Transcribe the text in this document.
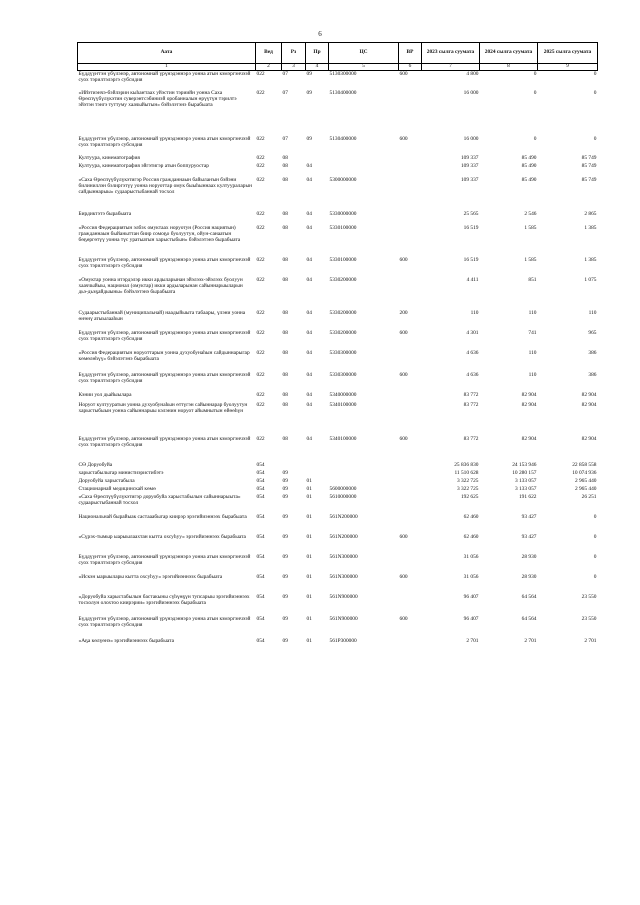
6
Аата	Вед	Рз	Пр	ЦС	ВР	2023 сылга суумата	2024 сылга суумата	2025 сылга суумата
1	2	3	4	5	6	7	8	9
Бүддүүҥтэн үбүлэнэр, автономнай үрүнэдэннэрэ уонна атын кэмэргэнчээй суох тэрилтэлэргэ субсидия	022	07	09	5130300000	600	4 800	0	0
«Ийэтиэнчэ-бэйлэрин кыһаҥтаах уйэстин тэриийн уонна Саха Өрөспүүбүлүкэтин суверэнтсэбиниэй оробанналын өрүүтүн тэрилтэ эйэтэн тэнгэ туттуму хаачыйытын» бэйэлэтэнэ бырабыата	022	07	09	5130400000		16 000	0	0
Бүддүүҥтэн үбүлэнэр, автономнай үрүнэдэннэрэ уонна атын кэмэргэнчээй суох тэрилтэлэргэ субсидия	022	07	09	5130400000	600	16 000	0	0
Култуура, кинематография	022	08				109 337	85 490	85 749
Култуура, кинематография эйгэтигэр атын боппуруостар	022	08	04			109 337	85 490	85 749
«Саха Өрөспүүбүлүкэтигэр Россия гражданнаын байылаҥын бэйэни билиниллэн бэлиргэтүү уонна норуоттар омук быыһыннаах култуураларын сайдыннарыы» судаарыстыбаннай тосхол	022	08	04	5300000000		109 337	85 490	85 749
Бирдиктэтэ бырабыата	022	08	04	5330000000		25 565	2 546	2 865
«Россия Федерациятын элбэх омуктаах норуотун (Россия нациятын) гражданнаын быйаныттан биир сомоҕо буолуутун, ойун-санаатын бөҕөргөтүү уонна түс уратыатын харыстыбын» бэйэлэтэнэ бырабыата	022	08	04	5330100000		16 519	1 585	1 385
Бүддүүҥтэн үбүлэнэр, автономнай үрүнэдэннэрэ уонна атын кэмэргэнчээй суох тэрилтэлэргэ субсидия	022	08	04	5330100000	600	16 519	1 585	1 385
«Омуктар уонна итэрдэлэр икки ардыларынан эйэлээх-эйэлээх буолуун хааччыйыы, национал (омуктар) икки ардыларынан сайыннарыыларын дьэ-дьэҕайдыыны» бэйэлэтэнэ бырабыата	022	08	04	5330200000		4 411	851	1 075
Судаарыстыбаннай (муниципальнай) наадыйыыта табаары, үлэни уонна өҥөнү атыылааһын	022	08	04	5330200000	200	110	110	110
Бүддүүҥтэн үбүлэнэр, автономнай үрүнэдэннэрэ уонна атын кэмэргэнчээй суох тэрилтэлэргэ субсидия	022	08	04	5330200000	600	4 301	741	965
«Россия Федерациятын норуоттарын уонна духуобунаһын сайдыннарыгар көмөлөһүү» бэйэлэтэнэ бырабыата	022	08	04	5330300000		4 636	110	386
Бүддүүҥтэн үбүлэнэр, автономнай үрүнэдэннэрэ уонна атын кэмэргэнчээй суох тэрилтэлэргэ субсидия	022	08	04	5330300000	600	4 636	110	386
Кэнии уол дьайыылара	022	08	04	5340000000		83 772	82 904	82 904
Норуот култууратын уонна духуобунаһын өттүгэн сайыннарар буолуутун харыстыбыын уонна сайыннарыы кэлэнин норуот айымнытын өйөөһүн	022	08	04	5340100000		83 772	82 904	82 904
Бүддүүҥтэн үбүлэнэр, автономнай үрүнэдэннэрэ уонна атын кэмэргэнчээй суох тэрилтэлэргэ субсидия	022	08	04	5340100000	600	83 772	82 904	82 904
СӨ Доруобуйа	054					25 836 830	24 153 946	22 858 558
харыстабылыгар министиэристибэтэ	054	09				11 510 628	10 280 157	10 074 936
Доруобуйа харыстабыла	054	09	01			3 322 725	3 133 057	2 965 440
Стационарнай медицинскай көмө	054	09	01	5600000000		3 322 725	3 133 057	2 965 440
«Саха Өрөспүүбүлүкэтигэр доруобуйа харыстабылын сайыннарыыта» судаарыстыбаннай тосхол	054	09	01	5610000000		192 625	191 622	26 251
Национальнай бырайыак састааабыгар киирэр эрэгийиэннээх бырабыата	054	09	01	561N200000		62 460	93 427	0
«Сүрэх-тымыр ыарыылаахтан кытта охсуһуу» эрэгийиэннээх бырабыата	054	09	01	561N200000	600	62 460	93 427	0
Бүддүүҥтэн үбүлэнэр, автономнай үрүнэдэннэрэ уонна атын кэмэргэнчээй суох тэрилтэлэргэ субсидия	054	09	01	561N300000		31 056	28 930	0
«Искэн ыарыылары кытта охсуһуу» эрэгийиэннээх бырабыата	054	09	01	561N300000	600	31 056	28 930	0
«Доруобуйа харыстабылын бастакыны сүһүөҕүн тупсарыы эрэгийиэннээх тосхолун олохтоо киирэрии» эрэгийиэннээх бырабыата	054	09	01	561N900000		96 407	64 564	23 550
Бүддүүҥтэн үбүлэнэр, автономнай үрүнэдэннэрэ уонна атын кэмэргэнчээй суох тэрилтэлэргэ субсидия	054	09	01	561N900000	600	96 407	64 564	23 550
«Аҕа көлүөнэ» эрэгийиэннээх бырабыата	054	09	01	561P300000		2 701	2 701	2 701
